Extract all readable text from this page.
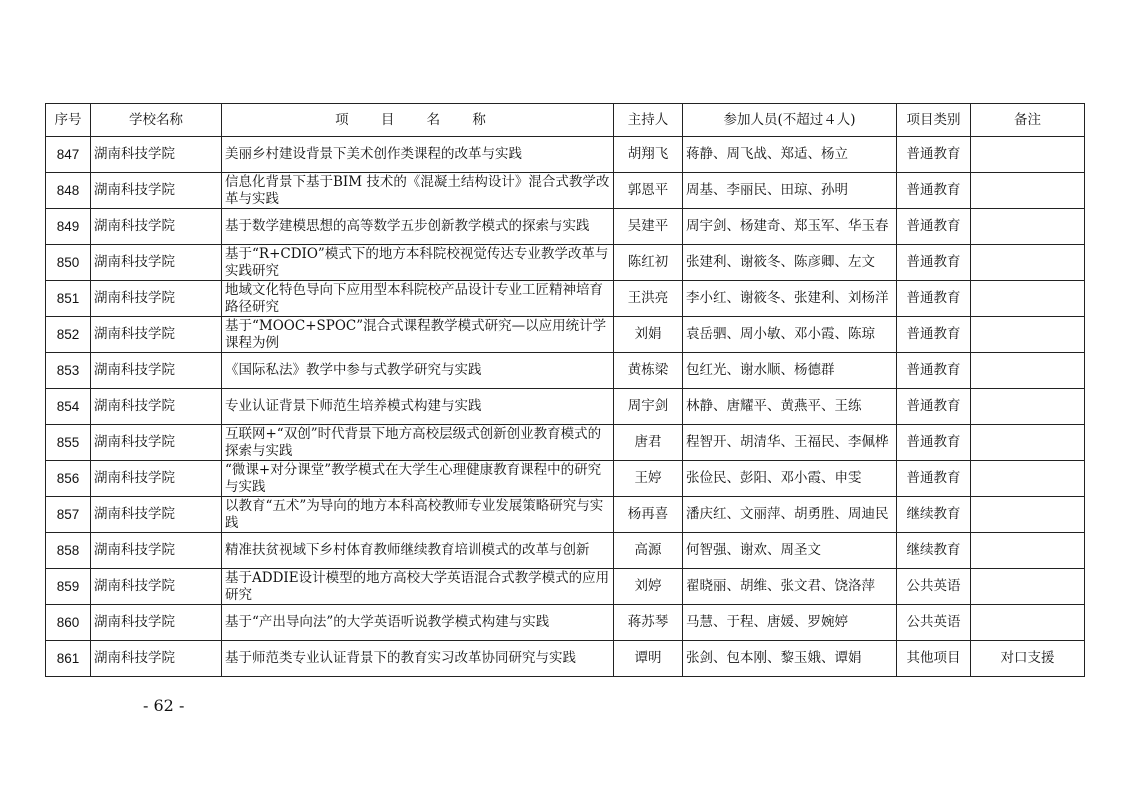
序号	学校名称	项 目 名 称	主持人	参加人员(不超过４人)	项目类别	备注
847	湖南科技学院	美丽乡村建设背景下美术创作类课程的改革与实践	胡翔飞	蒋静、周飞战、郑适、杨立	普通教育	
848	湖南科技学院	信息化背景下基于BIM 技术的《混凝土结构设计》混合式教学改革与实践	郭恩平	周基、李丽民、田琼、孙明	普通教育	
849	湖南科技学院	基于数学建模思想的高等数学五步创新教学模式的探索与实践	吴建平	周宇剑、杨建奇、郑玉军、华玉春	普通教育	
850	湖南科技学院	基于“R+CDIO”模式下的地方本科院校视觉传达专业教学改革与实践研究	陈红初	张建利、谢筱冬、陈彦卿、左文	普通教育	
851	湖南科技学院	地域文化特色导向下应用型本科院校产品设计专业工匠精神培育路径研究	王洪亮	李小红、谢筱冬、张建利、刘杨洋	普通教育	
852	湖南科技学院	基于“MOOC+SPOC”混合式课程教学模式研究—以应用统计学课程为例	刘娟	袁岳驷、周小敏、邓小霞、陈琼	普通教育	
853	湖南科技学院	《国际私法》教学中参与式教学研究与实践	黄栋梁	包红光、谢水顺、杨德群	普通教育	
854	湖南科技学院	专业认证背景下师范生培养模式构建与实践	周宇剑	林静、唐耀平、黄燕平、王练	普通教育	
855	湖南科技学院	互联网+“双创”时代背景下地方高校层级式创新创业教育模式的探索与实践	唐君	程智开、胡清华、王福民、李佩桦	普通教育	
856	湖南科技学院	“微课+对分课堂”教学模式在大学生心理健康教育课程中的研究与实践	王婷	张俭民、彭阳、邓小霞、申雯	普通教育	
857	湖南科技学院	以教育“五术”为导向的地方本科高校教师专业发展策略研究与实践	杨再喜	潘庆红、文丽萍、胡勇胜、周迪民	继续教育	
858	湖南科技学院	精准扶贫视域下乡村体育教师继续教育培训模式的改革与创新	高源	何智强、谢欢、周圣文	继续教育	
859	湖南科技学院	基于ADDIE设计模型的地方高校大学英语混合式教学模式的应用研究	刘婷	翟晓丽、胡维、张文君、饶洛萍	公共英语	
860	湖南科技学院	基于“产出导向法”的大学英语听说教学模式构建与实践	蒋苏琴	马慧、于程、唐媛、罗婉婷	公共英语	
861	湖南科技学院	基于师范类专业认证背景下的教育实习改革协同研究与实践	谭明	张剑、包本刚、黎玉娥、谭娟	其他项目	对口支援
- 62 -
